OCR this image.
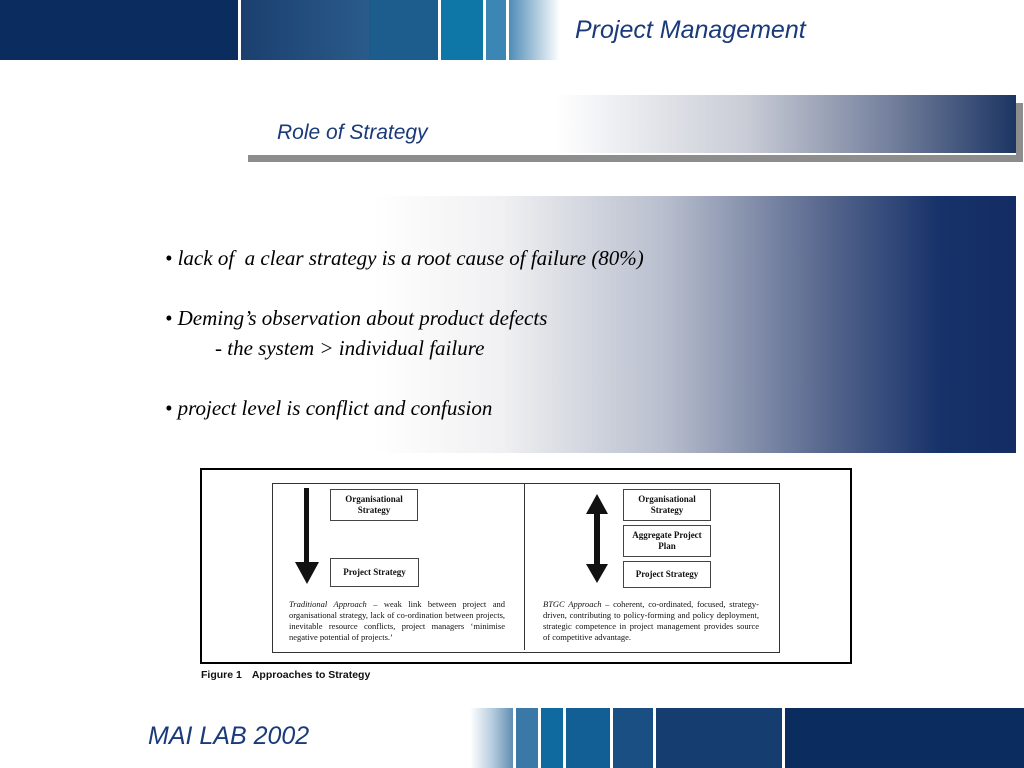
Project Management
Role of Strategy
• lack of  a clear strategy is a root cause of failure (80%)
• Deming’s observation about product defects
- the system > individual failure
• project level is conflict and confusion
Organisational Strategy
Project Strategy
Traditional Approach – weak link between project and organisational strategy, lack of co-ordination between projects, inevitable resource conflicts, project managers ‘minimise negative potential of projects.’
Organisational Strategy
Aggregate Project Plan
Project Strategy
BTGC Approach – coherent, co-ordinated, focused, strategy-driven, contributing to policy-forming and policy deployment, strategic competence in project management provides source of competitive advantage.
Figure 1 Approaches to Strategy
MAI LAB 2002
